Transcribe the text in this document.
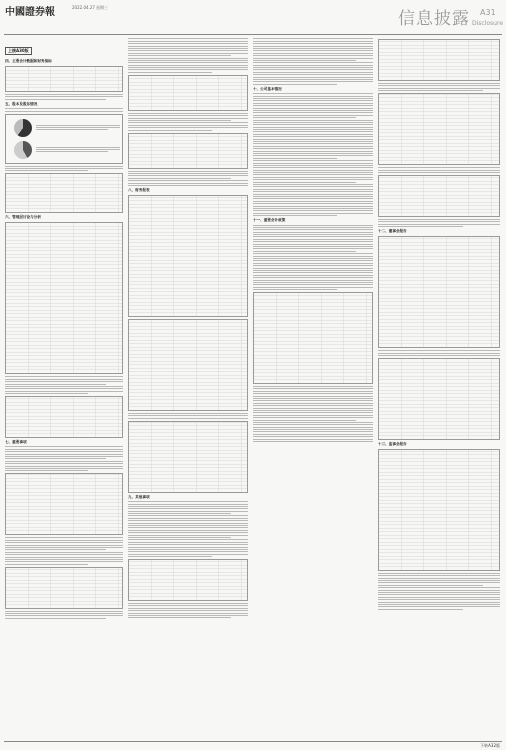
中國證券報	2022.04.27 星期三
信息披露 A31
Disclosure
上接A30版
四、主要会计数据和财务指标
五、股本及股东情况
六、管理层讨论与分析
七、重要事项
八、财务报表
九、其他事项
十、公司基本情况
十一、重要会计政策
十二、董事会报告
十三、监事会报告
下转A32版
